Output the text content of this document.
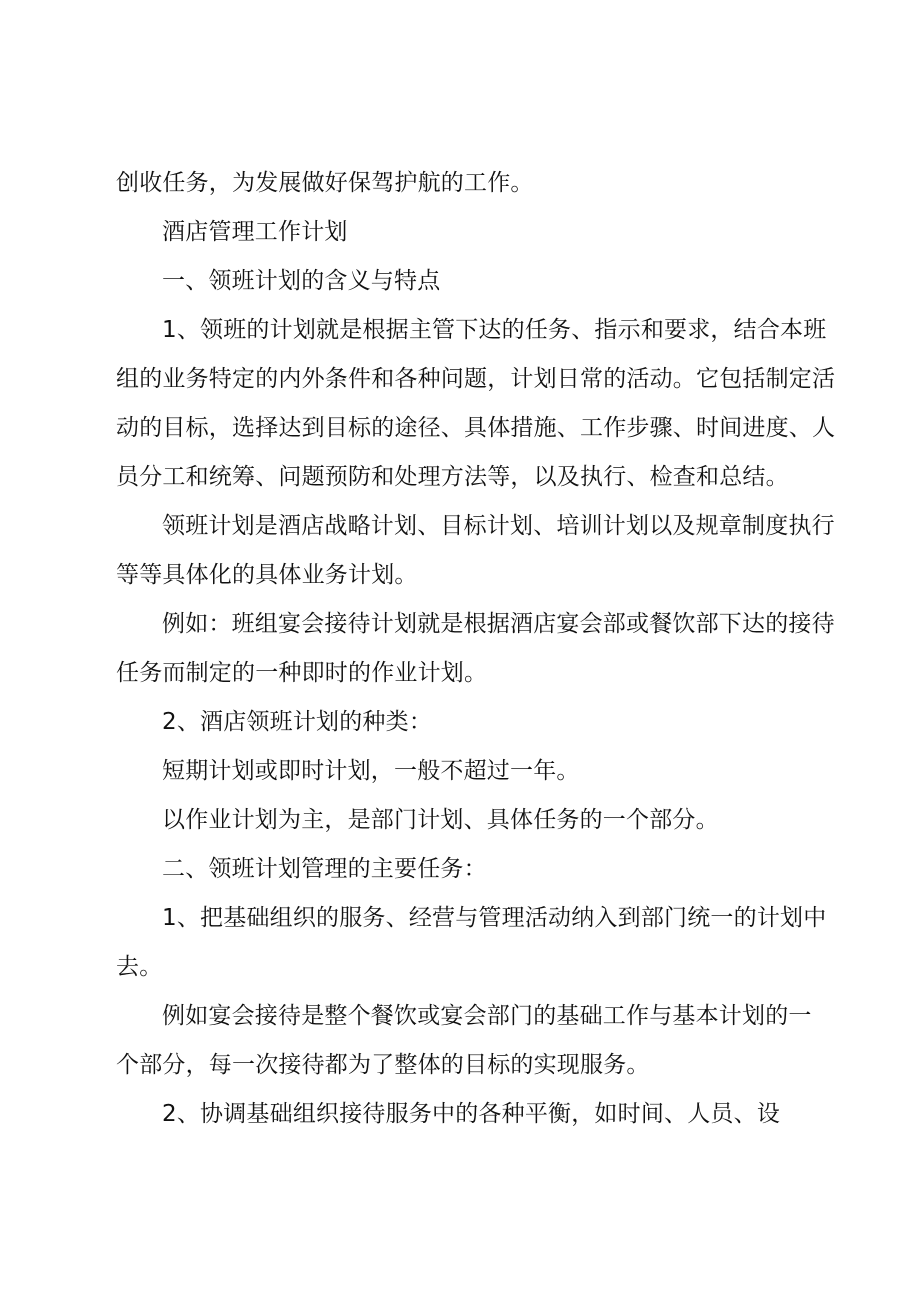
创收任务，为发展做好保驾护航的工作。
酒店管理工作计划
一、领班计划的含义与特点
1、领班的计划就是根据主管下达的任务、指示和要求，结合本班
组的业务特定的内外条件和各种问题，计划日常的活动。它包括制定活
动的目标，选择达到目标的途径、具体措施、工作步骤、时间进度、人
员分工和统筹、问题预防和处理方法等，以及执行、检查和总结。
领班计划是酒店战略计划、目标计划、培训计划以及规章制度执行
等等具体化的具体业务计划。
例如：班组宴会接待计划就是根据酒店宴会部或餐饮部下达的接待
任务而制定的一种即时的作业计划。
2、酒店领班计划的种类：
短期计划或即时计划，一般不超过一年。
以作业计划为主，是部门计划、具体任务的一个部分。
二、领班计划管理的主要任务：
1、把基础组织的服务、经营与管理活动纳入到部门统一的计划中
去。
例如宴会接待是整个餐饮或宴会部门的基础工作与基本计划的一
个部分，每一次接待都为了整体的目标的实现服务。
2、协调基础组织接待服务中的各种平衡，如时间、人员、设
